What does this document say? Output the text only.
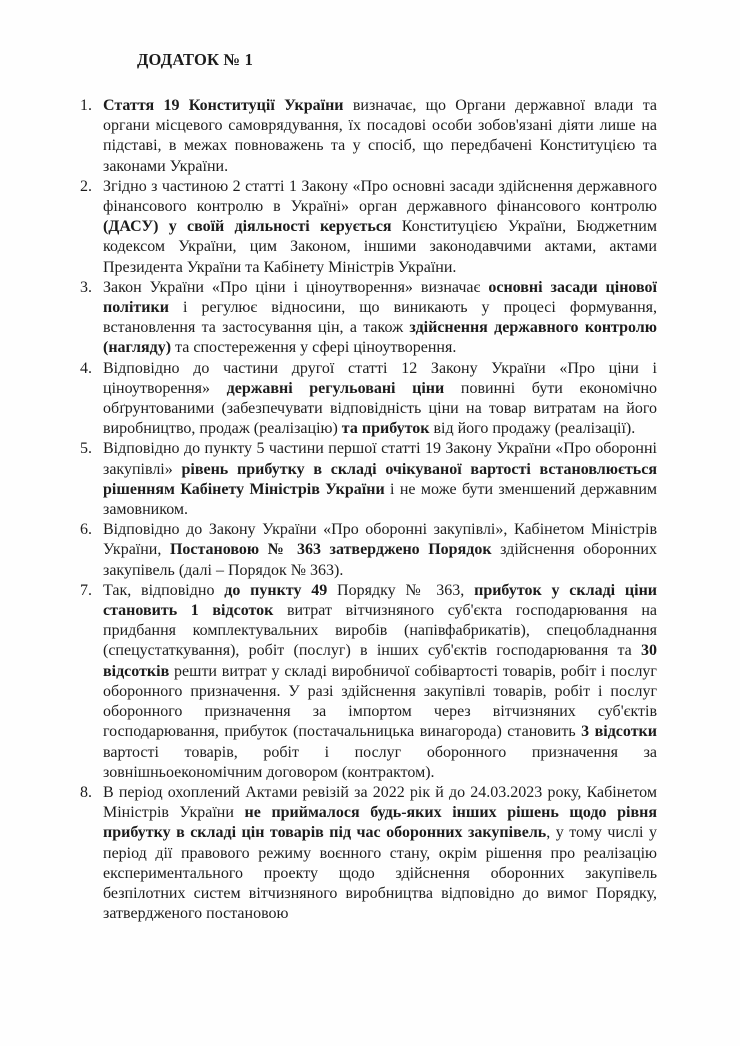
ДОДАТОК № 1
1. Стаття 19 Конституції України визначає, що Органи державної влади та органи місцевого самоврядування, їх посадові особи зобов'язані діяти лише на підставі, в межах повноважень та у спосіб, що передбачені Конституцією та законами України.
2. Згідно з частиною 2 статті 1 Закону «Про основні засади здійснення державного фінансового контролю в Україні» орган державного фінансового контролю (ДАСУ) у своїй діяльності керується Конституцією України, Бюджетним кодексом України, цим Законом, іншими законодавчими актами, актами Президента України та Кабінету Міністрів України.
3. Закон України «Про ціни і ціноутворення» визначає основні засади цінової політики і регулює відносини, що виникають у процесі формування, встановлення та застосування цін, а також здійснення державного контролю (нагляду) та спостереження у сфері ціноутворення.
4. Відповідно до частини другої статті 12 Закону України «Про ціни і ціноутворення» державні регульовані ціни повинні бути економічно обґрунтованими (забезпечувати відповідність ціни на товар витратам на його виробництво, продаж (реалізацію) та прибуток від його продажу (реалізації).
5. Відповідно до пункту 5 частини першої статті 19 Закону України «Про оборонні закупівлі» рівень прибутку в складі очікуваної вартості встановлюється рішенням Кабінету Міністрів України і не може бути зменшений державним замовником.
6. Відповідно до Закону України «Про оборонні закупівлі», Кабінетом Міністрів України, Постановою № 363 затверджено Порядок здійснення оборонних закупівель (далі – Порядок № 363).
7. Так, відповідно до пункту 49 Порядку № 363, прибуток у складі ціни становить 1 відсоток витрат вітчизняного суб'єкта господарювання на придбання комплектувальних виробів (напівфабрикатів), спецобладнання (спецустаткування), робіт (послуг) в інших суб'єктів господарювання та 30 відсотків решти витрат у складі виробничої собівартості товарів, робіт і послуг оборонного призначення. У разі здійснення закупівлі товарів, робіт і послуг оборонного призначення за імпортом через вітчизняних суб'єктів господарювання, прибуток (постачальницька винагорода) становить 3 відсотки вартості товарів, робіт і послуг оборонного призначення за зовнішньоекономічним договором (контрактом).
8. В період охоплений Актами ревізій за 2022 рік й до 24.03.2023 року, Кабінетом Міністрів України не приймалося будь-яких інших рішень щодо рівня прибутку в складі цін товарів під час оборонних закупівель, у тому числі у період дії правового режиму воєнного стану, окрім рішення про реалізацію експериментального проекту щодо здійснення оборонних закупівель безпілотних систем вітчизняного виробництва відповідно до вимог Порядку, затвердженого постановою
